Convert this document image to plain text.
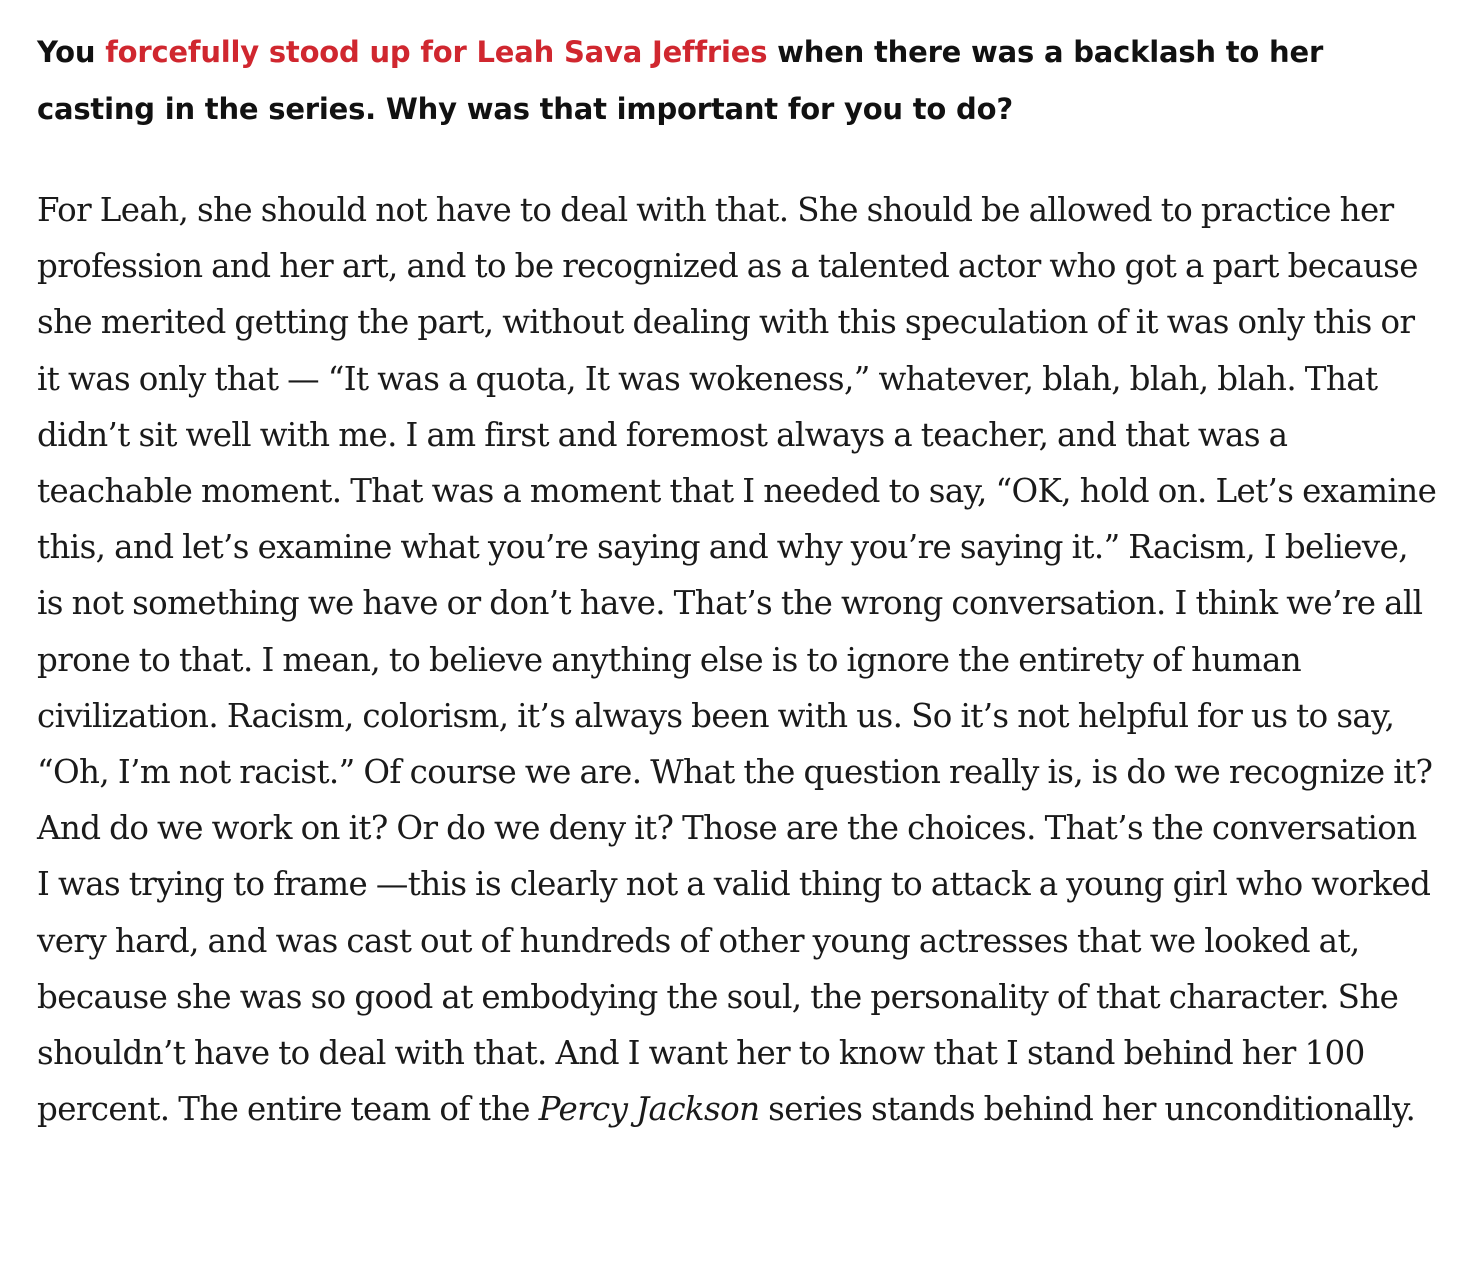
You forcefully stood up for Leah Sava Jeffries when there was a backlash to her casting in the series. Why was that important for you to do?

For Leah, she should not have to deal with that. She should be allowed to practice her profession and her art, and to be recognized as a talented actor who got a part because she merited getting the part, without dealing with this speculation of it was only this or it was only that — “It was a quota, It was wokeness,” whatever, blah, blah, blah. That didn’t sit well with me. I am first and foremost always a teacher, and that was a teachable moment. That was a moment that I needed to say, “OK, hold on. Let’s examine this, and let’s examine what you’re saying and why you’re saying it.” Racism, I believe, is not something we have or don’t have. That’s the wrong conversation. I think we’re all prone to that. I mean, to believe anything else is to ignore the entirety of human civilization. Racism, colorism, it’s always been with us. So it’s not helpful for us to say, “Oh, I’m not racist.” Of course we are. What the question really is, is do we recognize it? And do we work on it? Or do we deny it? Those are the choices. That’s the conversation I was trying to frame —this is clearly not a valid thing to attack a young girl who worked very hard, and was cast out of hundreds of other young actresses that we looked at, because she was so good at embodying the soul, the personality of that character. She shouldn’t have to deal with that. And I want her to know that I stand behind her 100 percent. The entire team of the Percy Jackson series stands behind her unconditionally.
